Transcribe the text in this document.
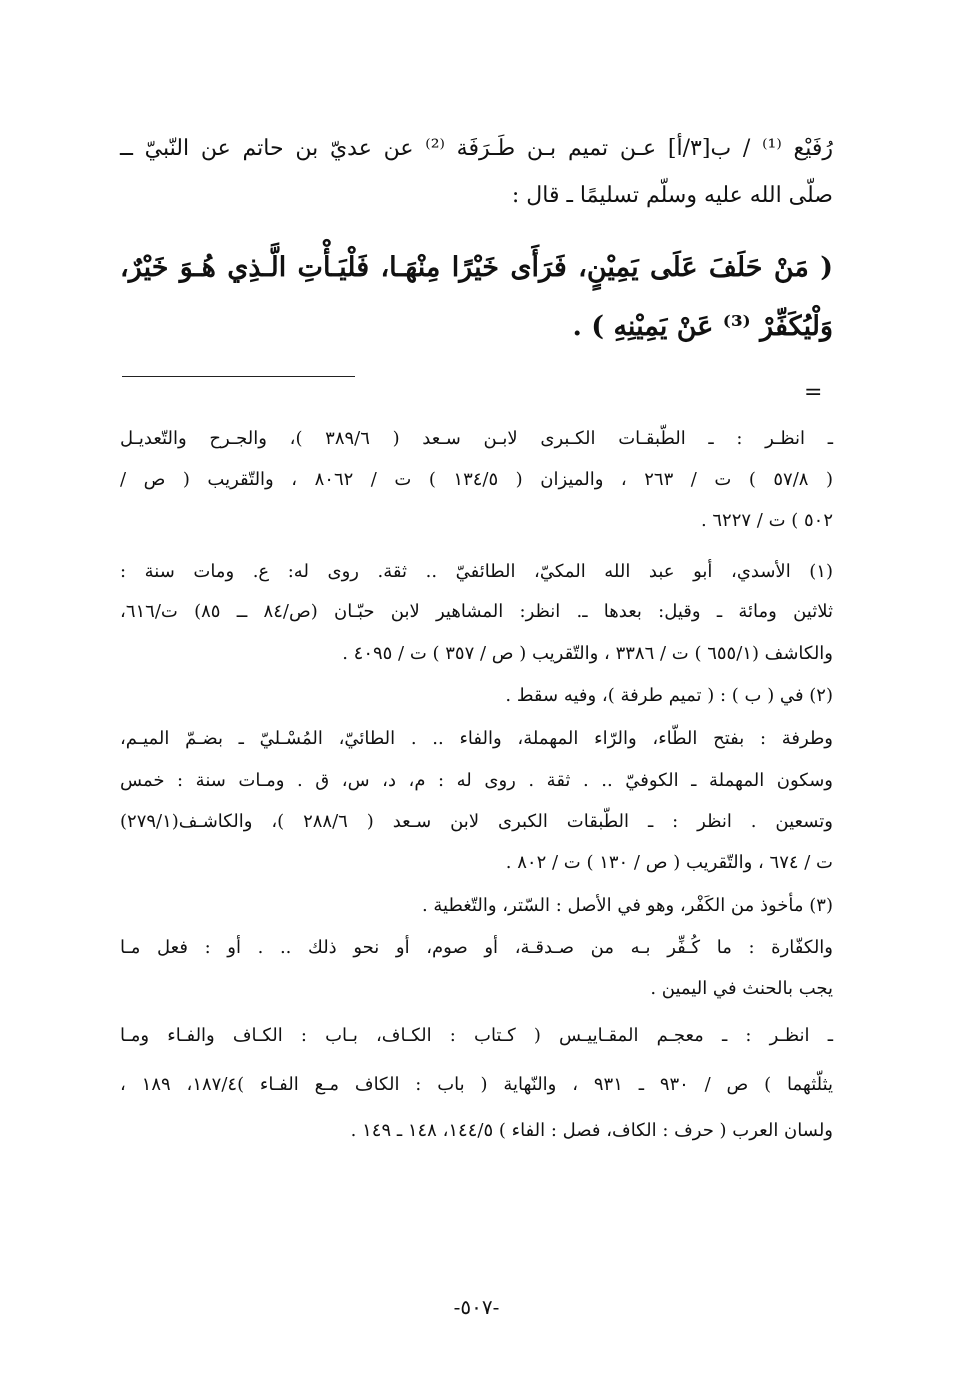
رُفَيْع ⁽¹⁾ / ب[٣/أ] عـن تميم بـن طَـرَفَة ⁽²⁾ عن عديّ بن حاتم عن النّبيّ ــ
صلّى الله عليه وسلّم تسليمًا ـ قال :
( مَنْ حَلَفَ عَلَى يَمِيْنٍ، فَرَأَى خَيْرًا مِنْهَـا، فَلْيَـأْتِ الَّـذِي هُـوَ خَيْرٌ،
وَلْيُكَفِّرْ ⁽³⁾ عَنْ يَمِيْنِهِ ) .
=
ـ انظـر : ـ الطّبقـات الكـبرى لابـن سـعد ( ٣٨٩/٦ )، والجـرح والتّعديـل
( ٥٧/٨ ) ت / ٢٦٣ ، والميزان ( ١٣٤/٥ ) ت / ٨٠٦٢ ، والتّقريب ( ص /
٥٠٢ ) ت / ٦٢٢٧ .
(١) الأسدي، أبو عبد الله المكيّ، الطائفيّ .. ثقة. روى له: ع. ومات سنة :
ثلاثين ومائة ـ وقيل: بعدها ـ. انظر: المشاهير لابن حبّـان (ص/٨٤ ــ ٨٥) ت/٦١٦،
والكاشف (٦٥٥/١ ) ت / ٣٣٨٦ ، والتّقريب ( ص / ٣٥٧ ) ت / ٤٠٩٥ .
(٢) في ( ب ) : ( تميم طرفة )، وفيه سقط .
وطرفة : بفتح الطّاء، والرّاء المهملة، والفاء .. . الطائيّ، المُسْـليّ ـ بضـمّ الميـم،
وسكون المهملة ـ الكوفيّ .. . ثقة . روى له : م، د، س، ق . ومـات سنة : خمس
وتسعين . انظر : ـ الطّبقات الكبرى لابن سـعد ( ٢٨٨/٦ )، والكاشـف(٢٧٩/١)
ت / ٦٧٤ ، والتّقريب ( ص / ١٣٠ ) ت / ٨٠٢ .
(٣) مأخوذ من الكَفْر، وهو في الأصل : السّتر، والتّغطية .
والكفّارة : ما كُـفِّر بـه من صـدقـة، أو صوم، أو نحو ذلك .. . أو : فعل مـا
يجب بالحنث في اليمين .
ـ انظـر : ـ معجـم المقـاييـس ( كـتاب : الكـاف، بـاب : الكـاف والفـاء ومـا
يثلّثهما ) ص / ٩٣٠ ـ ٩٣١ ، والنّهاية ( باب : الكاف مـع الفـاء )١٨٧/٤، ١٨٩ ،
ولسان العرب ( حرف : الكاف، فصل : الفاء ) ١٤٤/٥، ١٤٨ ـ ١٤٩ .
-٥٠٧-
